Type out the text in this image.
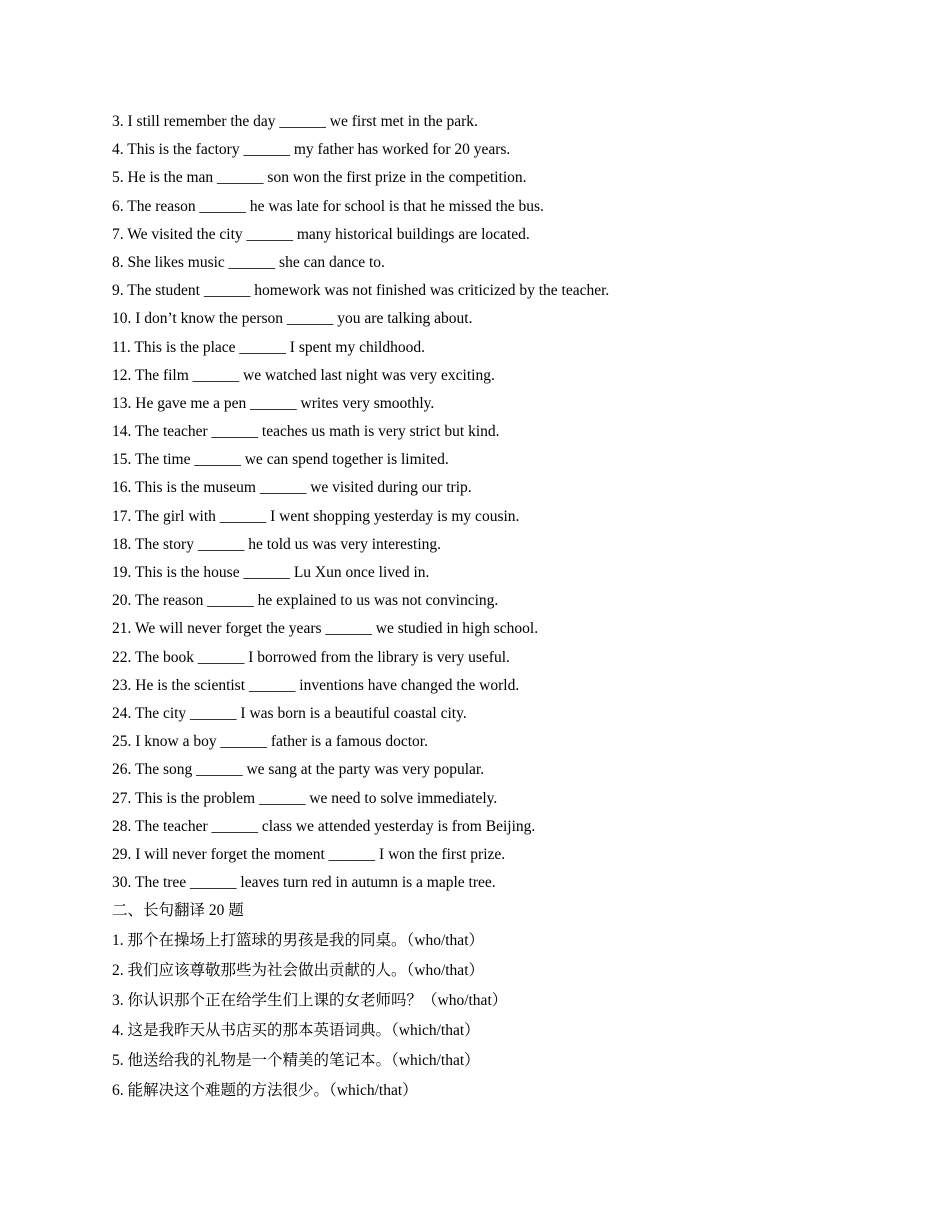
3. I still remember the day ______ we first met in the park.

4. This is the factory ______ my father has worked for 20 years.

5. He is the man ______ son won the first prize in the competition.

6. The reason ______ he was late for school is that he missed the bus.

7. We visited the city ______ many historical buildings are located.

8. She likes music ______ she can dance to.

9. The student ______ homework was not finished was criticized by the teacher.

10. I don’t know the person ______ you are talking about.

11. This is the place ______ I spent my childhood.

12. The film ______ we watched last night was very exciting.

13. He gave me a pen ______ writes very smoothly.

14. The teacher ______ teaches us math is very strict but kind.

15. The time ______ we can spend together is limited.

16. This is the museum ______ we visited during our trip.

17. The girl with ______ I went shopping yesterday is my cousin.

18. The story ______ he told us was very interesting.

19. This is the house ______ Lu Xun once lived in.

20. The reason ______ he explained to us was not convincing.

21. We will never forget the years ______ we studied in high school.

22. The book ______ I borrowed from the library is very useful.

23. He is the scientist ______ inventions have changed the world.

24. The city ______ I was born is a beautiful coastal city.

25. I know a boy ______ father is a famous doctor.

26. The song ______ we sang at the party was very popular.

27. This is the problem ______ we need to solve immediately.

28. The teacher ______ class we attended yesterday is from Beijing.

29. I will never forget the moment ______ I won the first prize.

30. The tree ______ leaves turn red in autumn is a maple tree.

二、长句翻译 20 题

1. 那个在操场上打篮球的男孩是我的同桌。（who/that）

2. 我们应该尊敬那些为社会做出贡献的人。（who/that）

3. 你认识那个正在给学生们上课的女老师吗？（who/that）

4. 这是我昨天从书店买的那本英语词典。（which/that）

5. 他送给我的礼物是一个精美的笔记本。（which/that）

6. 能解决这个难题的方法很少。（which/that）
